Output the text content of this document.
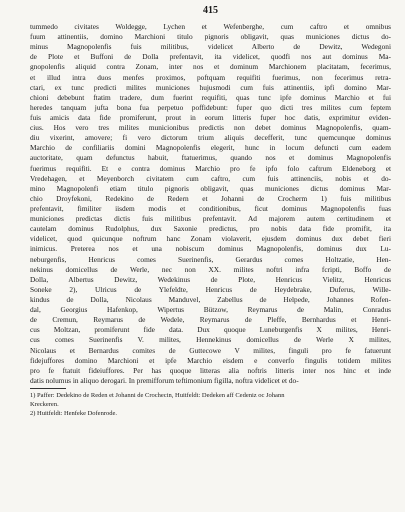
415
tummedo civitates Woldegge, Lychen et Wefenberghe, cum caftro et omnibus
fuum attinentiis, domino Marchioni titulo pignoris obligavit, quas municiones dictus do-
minus Magnopolenfis fuis militibus, videlicet Alberto de Dewitz, Wedegoni
de Plote et Buffoni de Dolla prefentavit, ita videlicet, quodfi nos aut dominus Ma-
gnopolenfis aliquid contra Zonam, inter nos et dominum Marchionem placitatam, fecerimus,
et illud intra duos menfes proximos, poftquam requifiti fuerimus, non fecerimus retra-
ctari, ex tunc predicti milites municiones hujusmodi cum fuis attinentiis, ipfi domino Mar-
chioni debebunt ftatim tradere, dum fuerint requifiti, quas tunc ipfe dominus Marchio et fui
heredes tanquam jufta bona fua perpetuo poffidebunt: fuper quo dicti tres milites cum feptem
fuis amicis data fide promiferunt, prout in eorum litteris fuper hoc datis, exprimitur eviden-
cius. Hos vero tres milites municionibus predictis non debet dominus Magnopolenfis, quam-
diu vixerint, amovere; fi vero dictorum trium aliquis decefferit, tunc quemcunque dominus
Marchio de confiliariis domini Magnopolenfis elegerit, hunc in locum defuncti cum eadem
auctoritate, quam defunctus habuit, ftatuerimus, quando nos et dominus Magnopolenfis
fuerimus requifiti. Et e contra dominus Marchio pro fe ipfo folo caftrum Eldeneborg et
Vredehagen, et Meyenborch civitatem cum caftro, cum fuis attinenciis, nobis et do-
mino Magnopolenfi etiam titulo pignoris obligavit, quas municiones dictus dominus Mar-
chio Droyfekoni, Redekino de Redern et Johanni de Crocherm 1) fuis militibus
prefentavit, fimiliter iisdem modis et conditionibus, ficut dominus Magnopolenfis fuas
municiones predictas dictis fuis militibus prefentavit. Ad majorem autem certitudinem et
cautelam dominus Rudolphus, dux Saxonie predictus, pro nobis data fide promifit, ita
videlicet, quod quicunque noftrum hanc Zonam violaverit, ejusdem dominus dux debet fieri
inimicus. Preterea nos et una nobiscum dominus Magnopolenfis, dominus dux Lu-
neburgenfis, Henricus comes Suerinenfis, Gerardus comes Holtzatie, Hen-
nekinus domicellus de Werle, nec non XX. milites noftri infra fcripti, Boffo de
Dolla, Albertus Dewitz, Wedekinus de Plote, Henricus Vielitz, Henricus
Soneke 2), Ulricus de Ylefeldte, Henricus de Heydebrake, Duferus, Wille-
kindus de Dolla, Nicolaus Manduvel, Zabellus de Helpede, Johannes Rofen-
dal, Georgius Hafenkop, Wipertus Bützow, Reymarus de Malin, Conradus
de Cremun, Reymarus de Wedele, Reymarus de Pleffe, Bernhardus et Henri-
cus Moltzan, promiferunt fide data. Dux quoque Luneburgenfis X milites, Henri-
cus comes Suerinenfis V. milites, Hennekinus domicellus de Werle X milites,
Nicolaus et Bernardus comites de Guttecowe V milites, finguli pro fe fatuerunt
fidejuffores domino Marchioni et ipfe Marchio eisdem e converfo fingulis totidem milites
pro fe ftatuit fideiuffores. Per has quoque litteras alia noftris litteris inter nos hinc et inde
datis nolumus in aliquo derogari. In premifforum teftimonium figilla, noftra videlicet et do-
1) Paffer: Dedekino de Reden et Johanni de Crochecin, Huitfeldt: Dedeken aff Cedeniz oc Johann
Kreckeren.
2) Huitfeldt: Henfeke Dofenrode.
